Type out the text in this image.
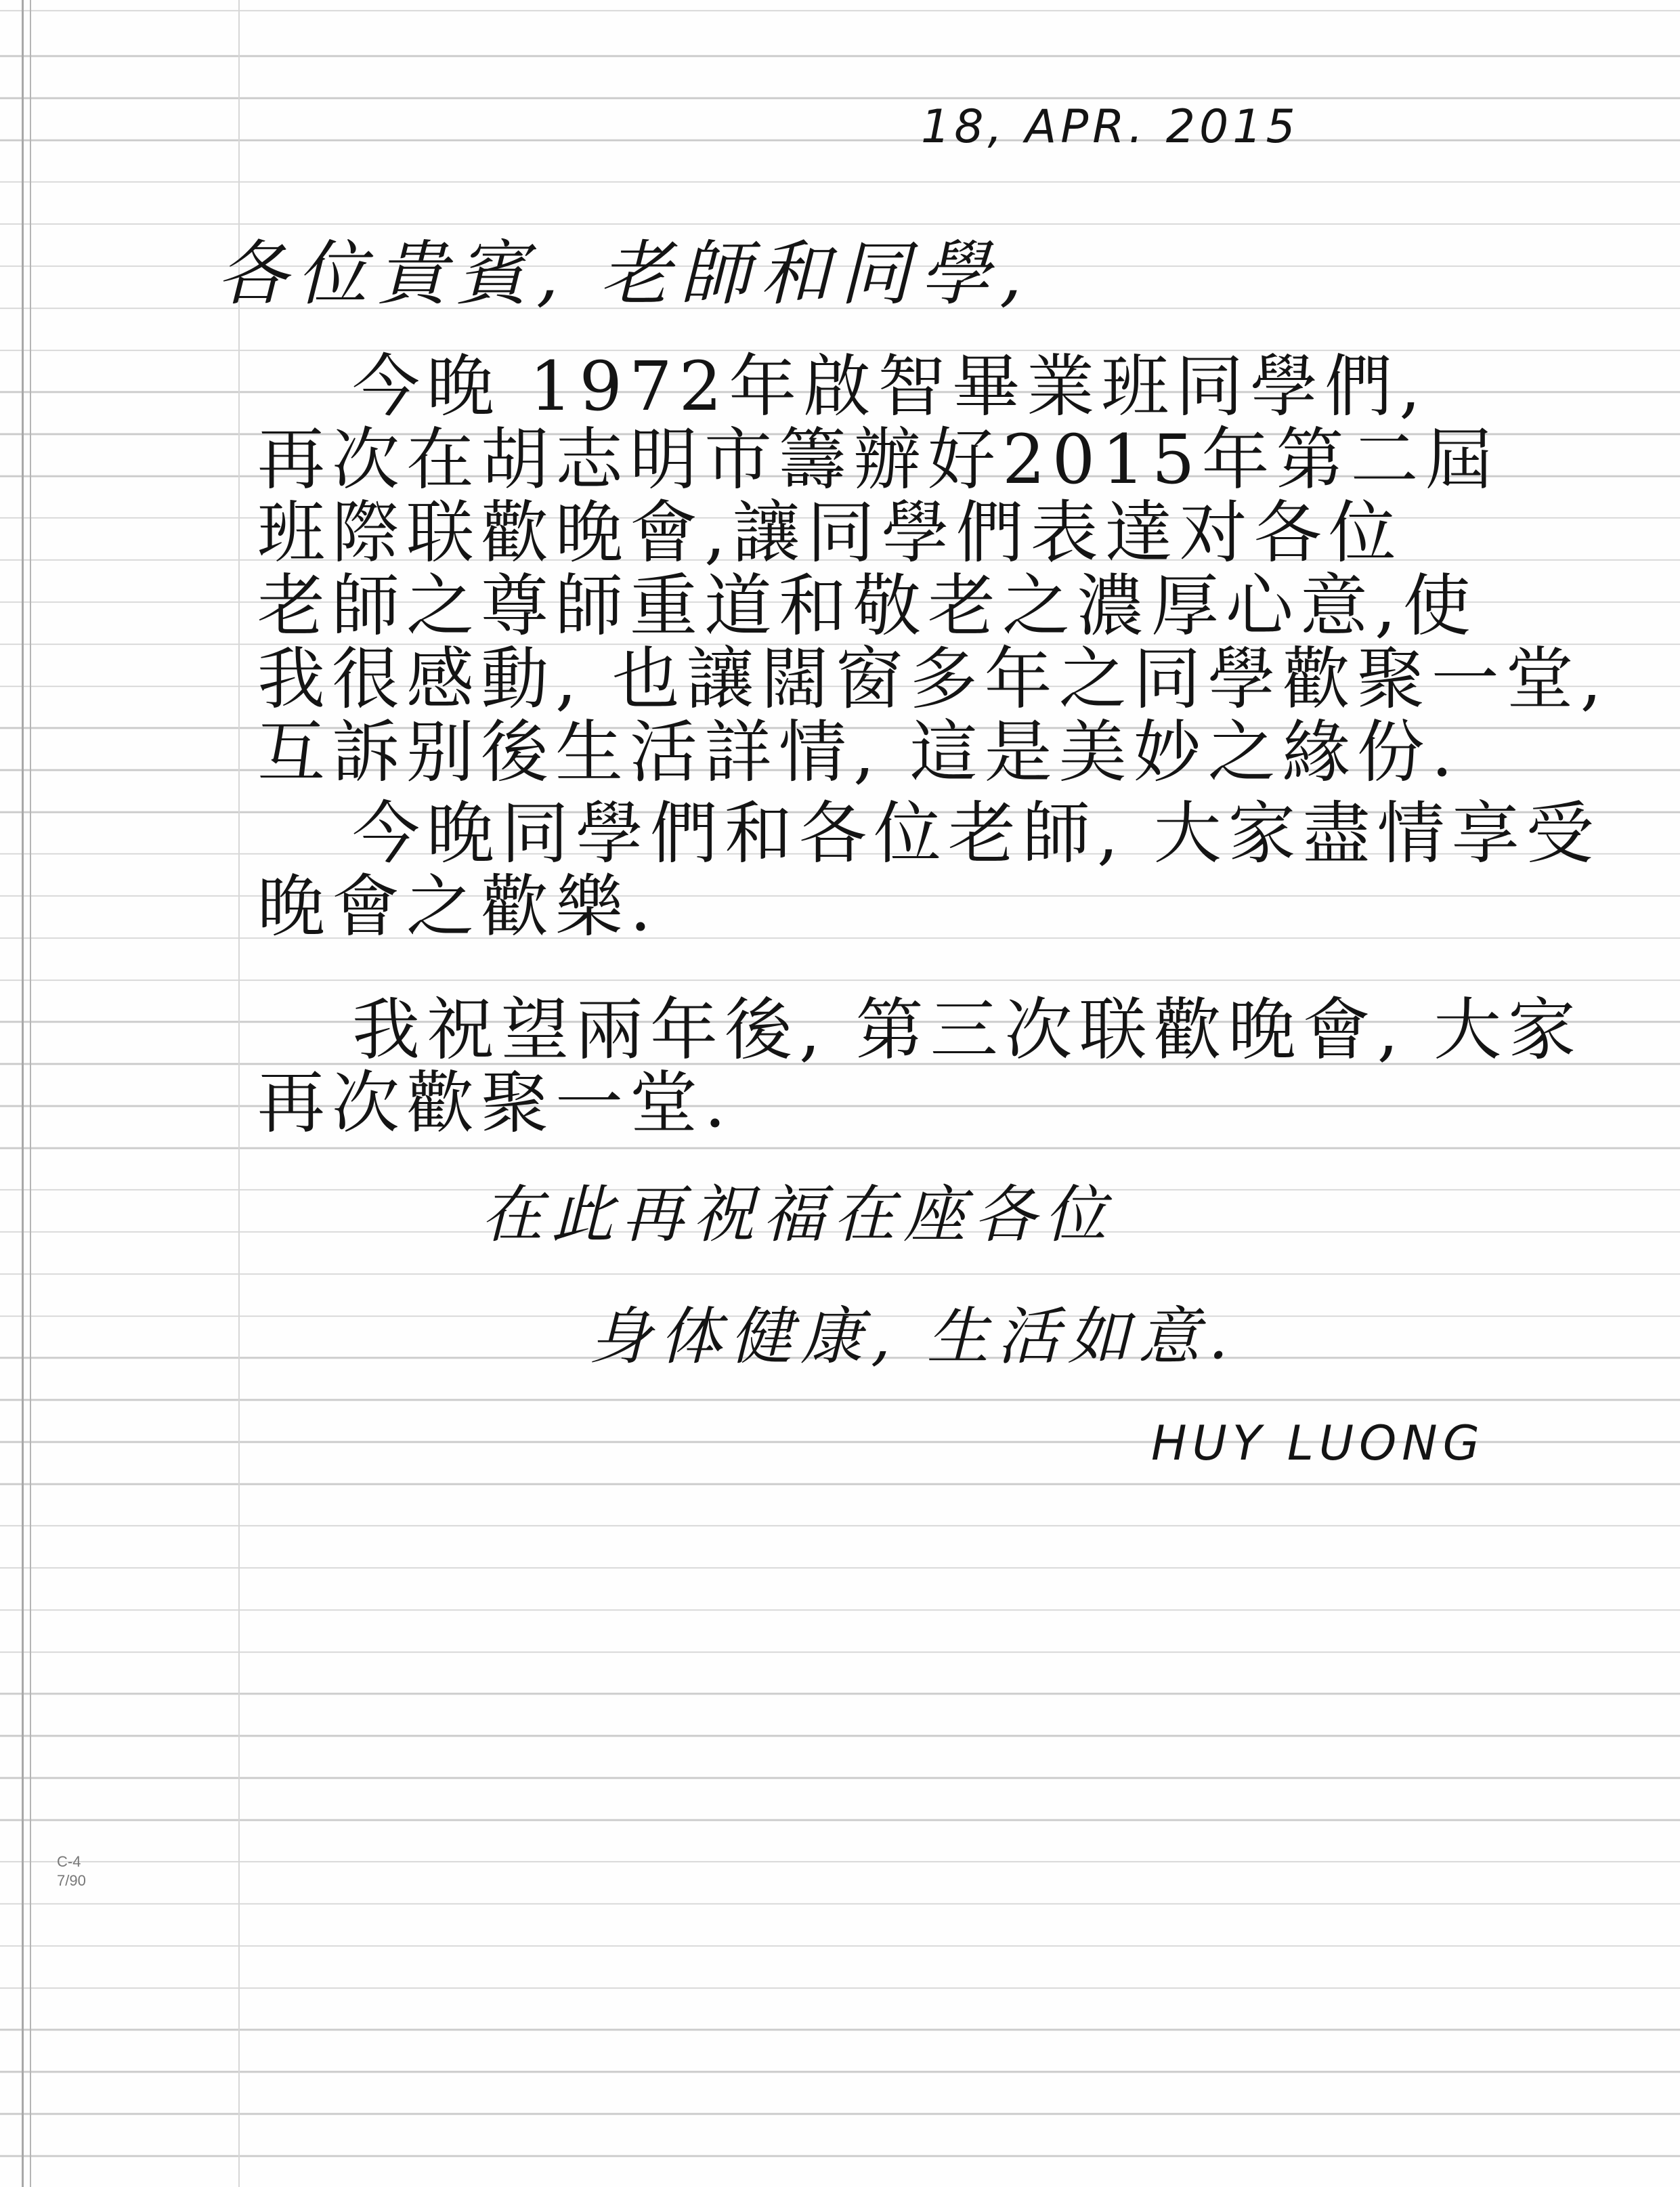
18, APR. 2015
各位貴賓, 老師和同學,
今晚 1972年啟智畢業班同學們,
再次在胡志明市籌辦好2015年第二屆
班際联歡晚會,讓同學們表達对各位
老師之尊師重道和敬老之濃厚心意,使
我很感動, 也讓闊窗多年之同學歡聚一堂,
互訴别後生活詳情, 這是美妙之緣份.
今晚同學們和各位老師, 大家盡情享受
晚會之歡樂.
我祝望兩年後, 第三次联歡晚會, 大家
再次歡聚一堂.
在此再祝福在座各位
身体健康, 生活如意.
HUY LUONG
C-4
7/90
